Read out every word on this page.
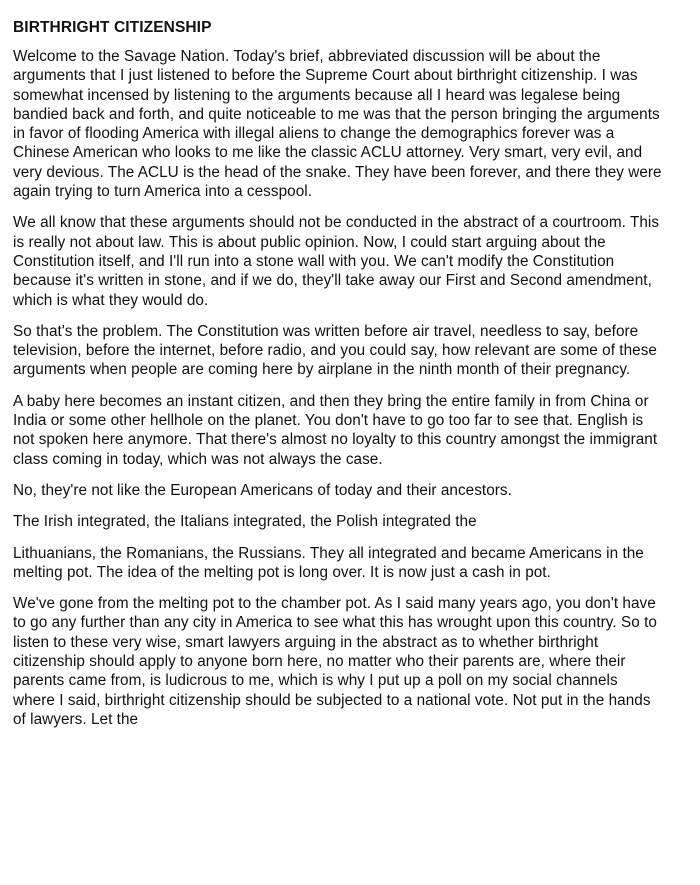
BIRTHRIGHT CITIZENSHIP

Welcome to the Savage Nation. Today's brief, abbreviated discussion will be about the arguments that I just listened to before the Supreme Court about birthright citizenship. I was somewhat incensed by listening to the arguments because all I heard was legalese being bandied back and forth, and quite noticeable to me was that the person bringing the arguments in favor of flooding America with illegal aliens to change the demographics forever was a Chinese American who looks to me like the classic ACLU attorney. Very smart, very evil, and very devious. The ACLU is the head of the snake. They have been forever, and there they were again trying to turn America into a cesspool.

We all know that these arguments should not be conducted in the abstract of a courtroom. This is really not about law. This is about public opinion. Now, I could start arguing about the Constitution itself, and I'll run into a stone wall with you. We can't modify the Constitution because it's written in stone, and if we do, they'll take away our First and Second amendment, which is what they would do.

So that's the problem. The Constitution was written before air travel, needless to say, before television, before the internet, before radio, and you could say, how relevant are some of these arguments when people are coming here by airplane in the ninth month of their pregnancy.

A baby here becomes an instant citizen, and then they bring the entire family in from China or India or some other hellhole on the planet. You don't have to go too far to see that. English is not spoken here anymore. That there's almost no loyalty to this country amongst the immigrant class coming in today, which was not always the case.

No, they're not like the European Americans of today and their ancestors.

The Irish integrated, the Italians integrated, the Polish integrated the

Lithuanians, the Romanians, the Russians. They all integrated and became Americans in the melting pot. The idea of the melting pot is long over. It is now just a cash in pot.

We've gone from the melting pot to the chamber pot. As I said many years ago, you don't have to go any further than any city in America to see what this has wrought upon this country. So to listen to these very wise, smart lawyers arguing in the abstract as to whether birthright citizenship should apply to anyone born here, no matter who their parents are, where their parents came from, is ludicrous to me, which is why I put up a poll on my social channels where I said, birthright citizenship should be subjected to a national vote. Not put in the hands of lawyers. Let the
